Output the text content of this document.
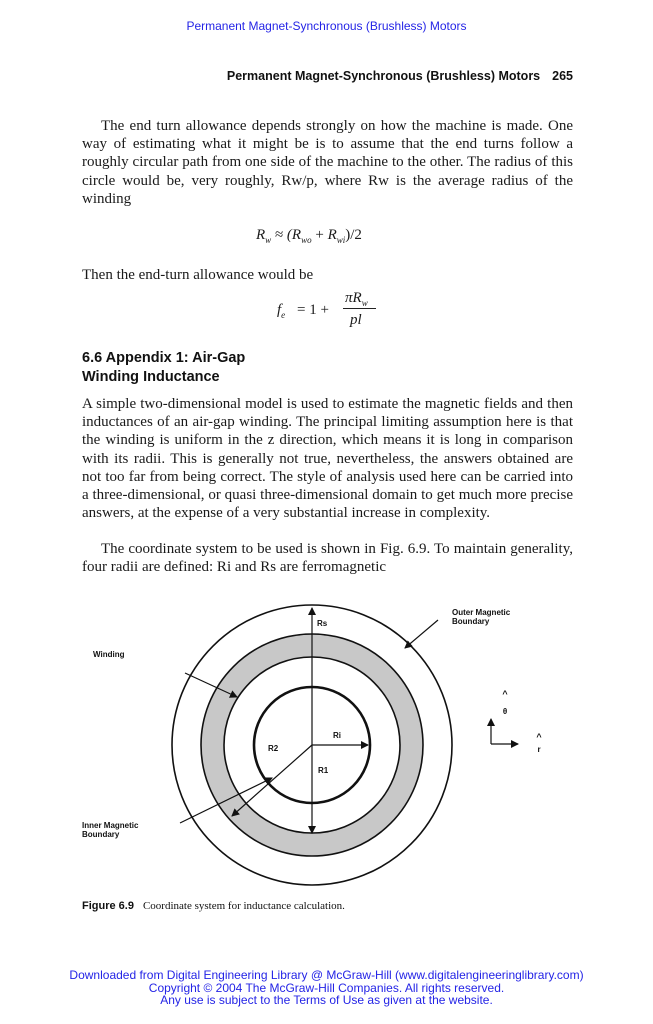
Permanent Magnet-Synchronous (Brushless) Motors
Permanent Magnet-Synchronous (Brushless) Motors 265
The end turn allowance depends strongly on how the machine is made. One way of estimating what it might be is to assume that the end turns follow a roughly circular path from one side of the machine to the other. The radius of this circle would be, very roughly, Rw/p, where Rw is the average radius of the winding
$R_w \approx (R_{wo} + R_{wi})/2$
Then the end-turn allowance would be
$f_e = 1$ +
$\pi R_w$
pl
6.6 Appendix 1: Air-Gap
Winding Inductance
A simple two-dimensional model is used to estimate the magnetic fields and then inductances of an air-gap winding. The principal limiting assumption here is that the winding is uniform in the z direction, which means it is long in comparison with its radii. This is generally not true, nevertheless, the answers obtained are not too far from being correct. The style of analysis used here can be carried into a three-dimensional, or quasi three-dimensional domain to get much more precise answers, at the expense of a very substantial increase in complexity.
The coordinate system to be used is shown in Fig. 6.9. To maintain generality, four radii are defined: Ri and Rs are ferromagnetic
^
^
θ
r
Outer Magnetic
Boundary
Winding
Inner Magnetic
Boundary
Rs
Ri
R2
R1
Figure 6.9 Coordinate system for inductance calculation.
Downloaded from Digital Engineering Library @ McGraw-Hill (www.digitalengineeringlibrary.com)
Copyright © 2004 The McGraw-Hill Companies. All rights reserved.
Any use is subject to the Terms of Use as given at the website.
